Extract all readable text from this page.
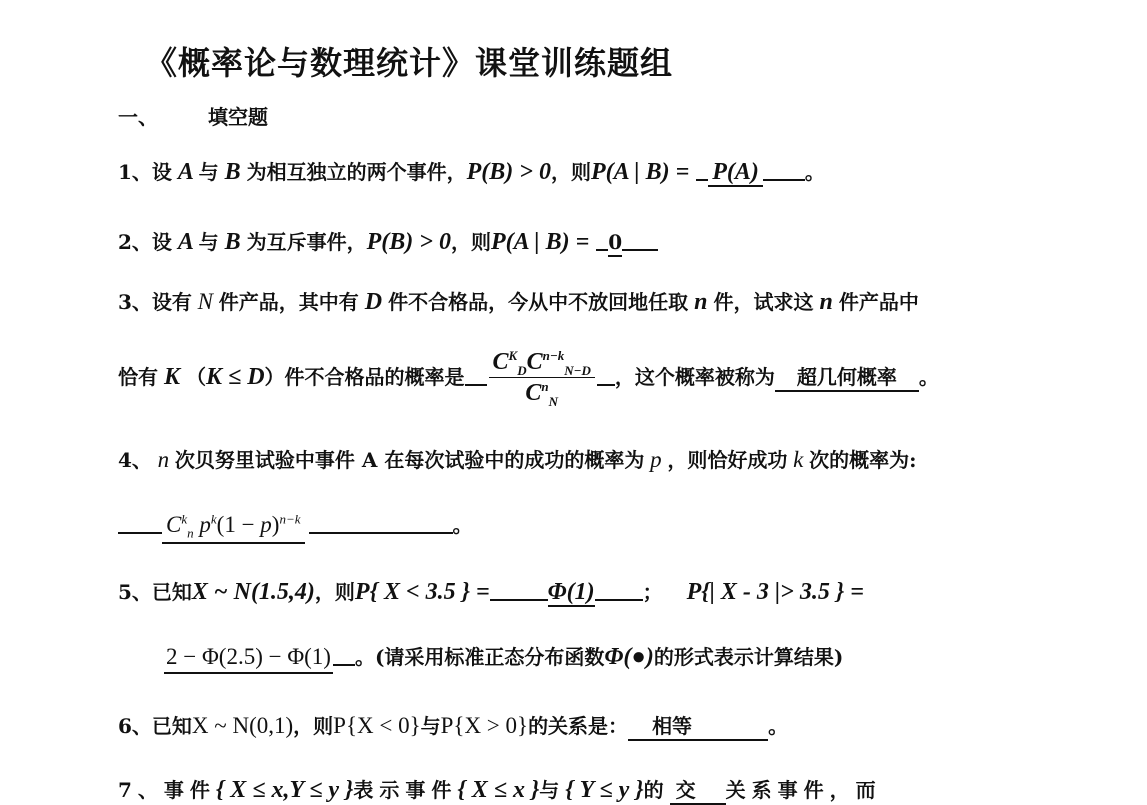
《概率论与数理统计》课堂训练题组
一、	填空题
1、设 A 与 B 为相互独立的两个事件，P(B) > 0，则P(A | B) = P(A) 。
2、设 A 与 B 为互斥事件，P(B) > 0，则P(A | B) = 0
3、设有 N 件产品，其中有 D 件不合格品，今从中不放回地任取 n 件，试求这 n 件产品中
恰有 K （K ≤ D）件不合格品的概率是 $\frac{C^K_DC^{n-k}_{N-D}}{C^n_N}$ ，这个概率被称为 超几何概率 。
4、 n 次贝努里试验中事件 A 在每次试验中的成功的概率为 p ，则恰好成功 k 次的概率为:
$C^k_n$ $p^k(1 - p)^{n-k}$	。
5、已知X ~ N(1.5,4)，则P{ X < 3.5 } = Φ(1) ； P{| X - 3 |> 3.5 } =
2 − Φ(2.5) − Φ(1) 。(请采用标准正态分布函数Φ(●)的形式表示计算结果)
6、已知X ~ N(0,1)，则P{X < 0}与P{X > 0}的关系是： 相等	。
7、事件{ X ≤ x,Y ≤ y }表示事件{ X ≤ x }与{ Y ≤ y }的 交 关系事件，而
